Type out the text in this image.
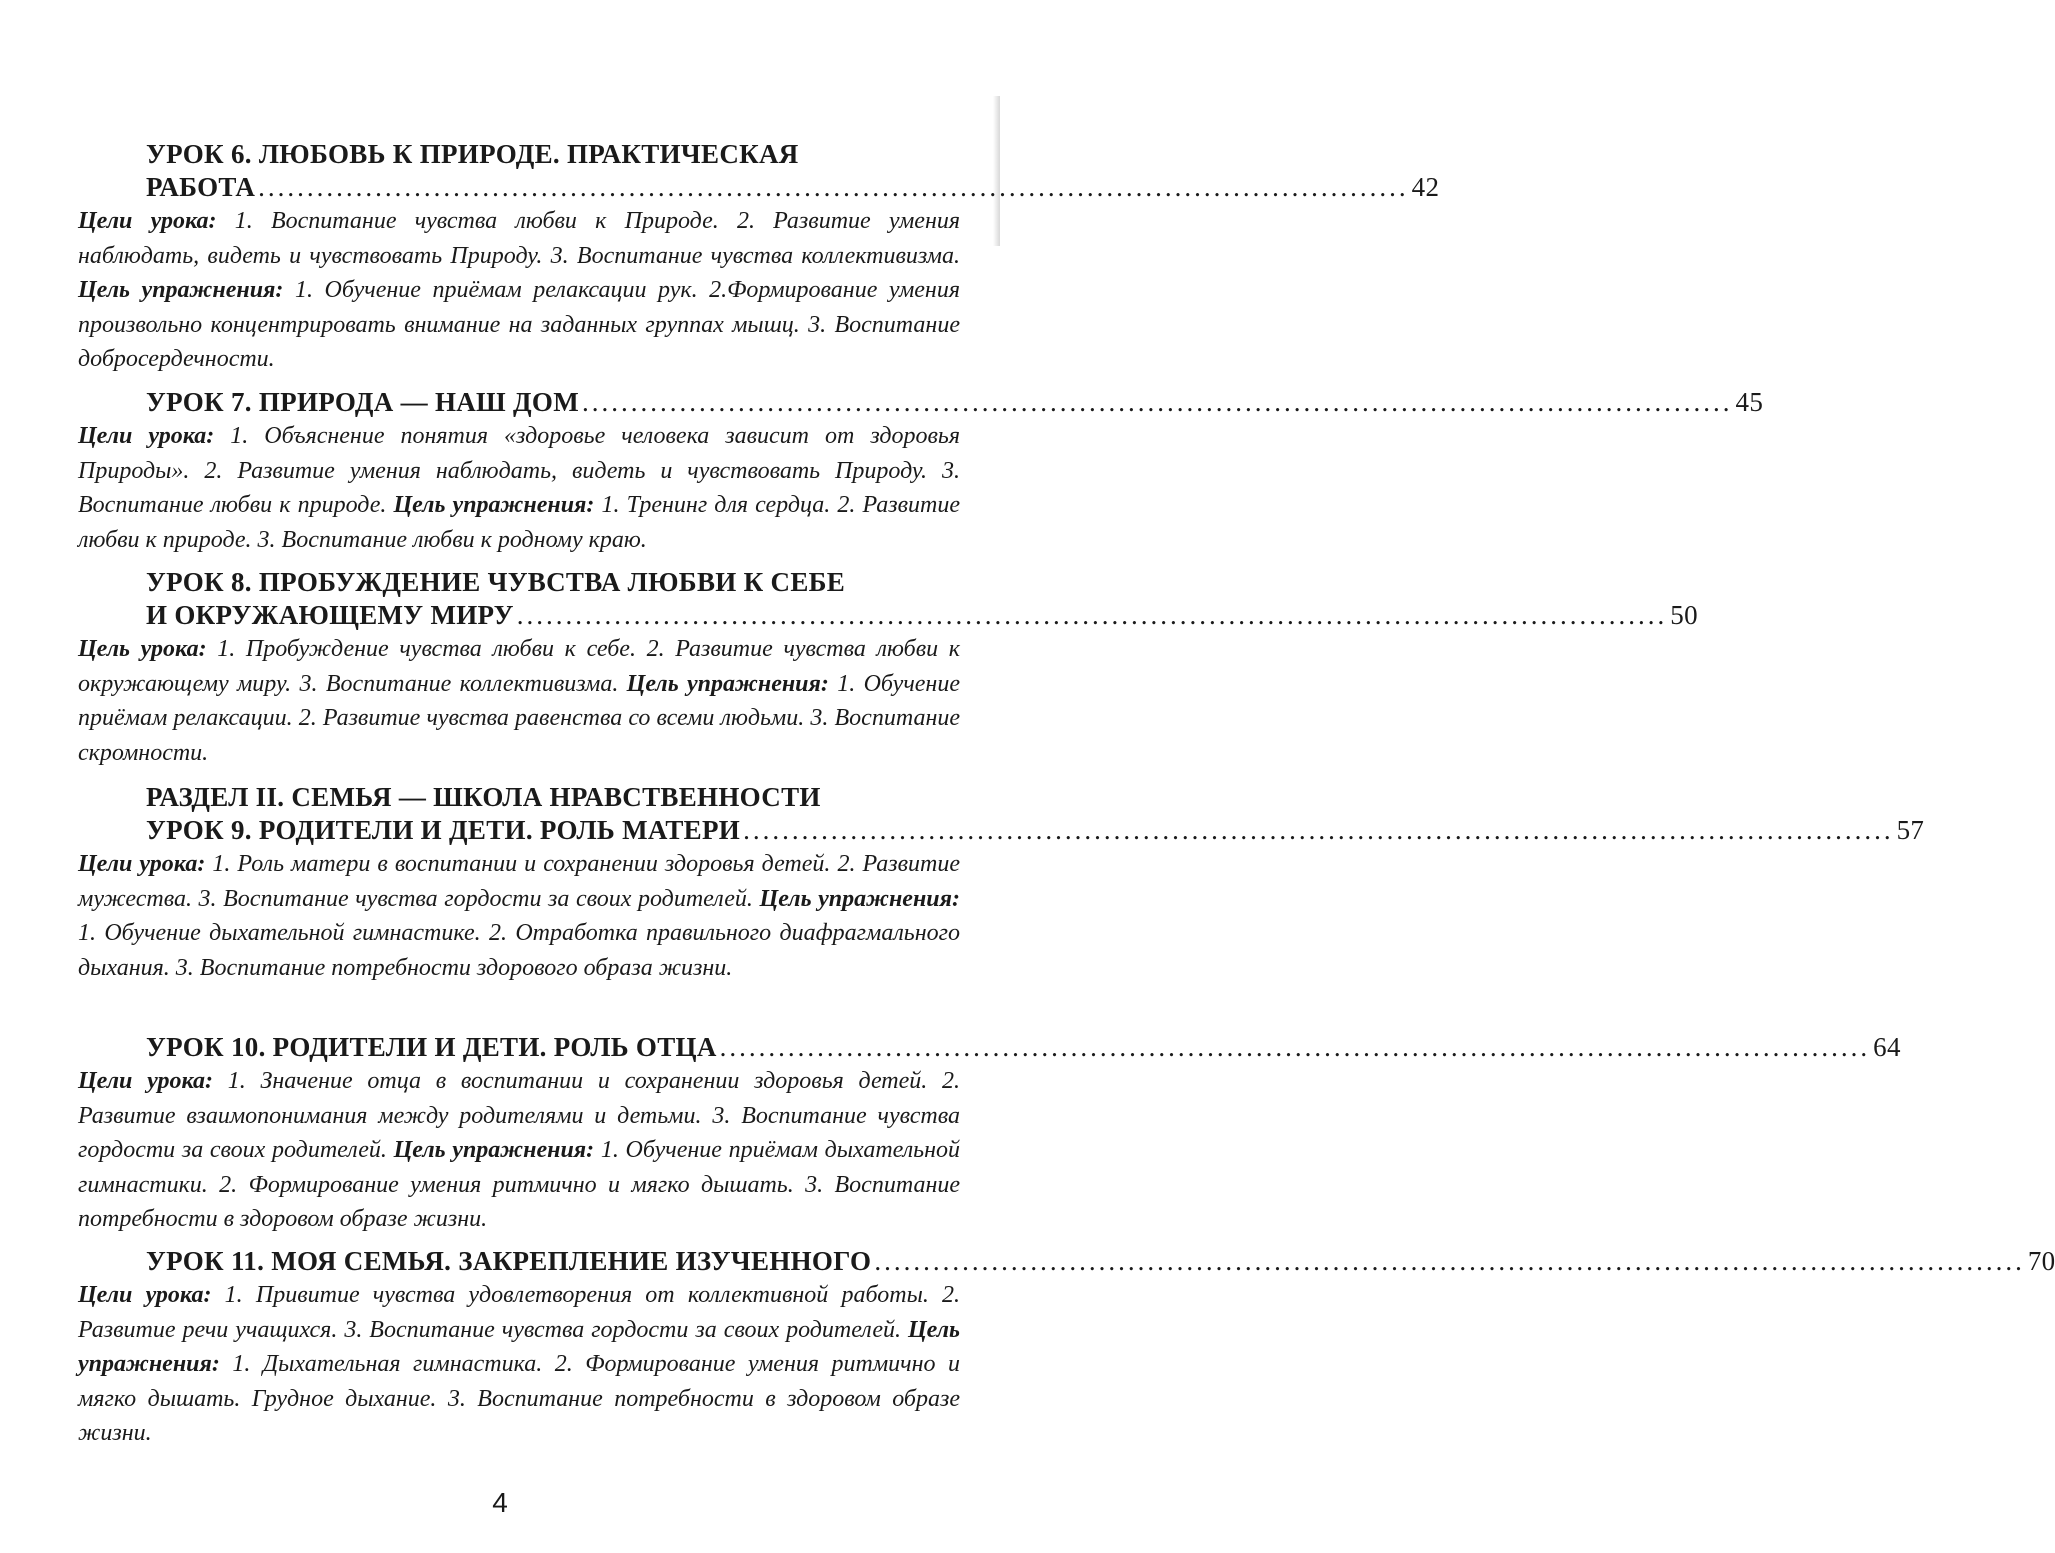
УРОК 6. ЛЮБОВЬ К ПРИРОДЕ. ПРАКТИЧЕСКАЯ
РАБОТА ...................................................................................................................... 42

Цели урока: 1. Воспитание чувства любви к Природе. 2. Развитие умения наблюдать, видеть и чувствовать Природу. 3. Воспитание чувства коллективизма. Цель упражнения: 1. Обучение приёмам релаксации рук. 2.Формирование умения произвольно концентрировать внимание на заданных группах мышц. 3. Воспитание добросердечности.

УРОК 7. ПРИРОДА — НАШ ДОМ ...................................................................................................................... 45

Цели урока: 1. Объяснение понятия «здоровье человека зависит от здоровья Природы». 2. Развитие умения наблюдать, видеть и чувствовать Природу. 3. Воспитание любви к природе. Цель упражнения: 1. Тренинг для сердца. 2. Развитие любви к природе. 3. Воспитание любви к родному краю.

УРОК 8. ПРОБУЖДЕНИЕ ЧУВСТВА ЛЮБВИ К СЕБЕ
И ОКРУЖАЮЩЕМУ МИРУ ...................................................................................................................... 50

Цель урока: 1. Пробуждение чувства любви к себе. 2. Развитие чувства любви к окружающему миру. 3. Воспитание коллективизма. Цель упражнения: 1. Обучение приёмам релаксации. 2. Развитие чувства равенства со всеми людьми. 3. Воспитание скромности.

РАЗДЕЛ II. СЕМЬЯ — ШКОЛА НРАВСТВЕННОСТИ
УРОК 9. РОДИТЕЛИ И ДЕТИ. РОЛЬ МАТЕРИ ...................................................................................................................... 57

Цели урока: 1. Роль матери в воспитании и сохранении здоровья детей. 2. Развитие мужества. 3. Воспитание чувства гордости за своих родителей. Цель упражнения: 1. Обучение дыхательной гимнастике. 2. Отработка правильного диафрагмального дыхания. 3. Воспитание потребности здорового образа жизни.

УРОК 10. РОДИТЕЛИ И ДЕТИ. РОЛЬ ОТЦА ...................................................................................................................... 64

Цели урока: 1. Значение отца в воспитании и сохранении здоровья детей. 2. Развитие взаимопонимания между родителями и детьми. 3. Воспитание чувства гордости за своих родителей. Цель упражнения: 1. Обучение приёмам дыхательной гимнастики. 2. Формирование умения ритмично и мягко дышать. 3. Воспитание потребности в здоровом образе жизни.

УРОК 11. МОЯ СЕМЬЯ. ЗАКРЕПЛЕНИЕ ИЗУЧЕННОГО ...................................................................................................................... 70

Цели урока: 1. Привитие чувства удовлетворения от коллективной работы. 2. Развитие речи учащихся. 3. Воспитание чувства гордости за своих родителей. Цель упражнения: 1. Дыхательная гимнастика. 2. Формирование умения ритмично и мягко дышать. Грудное дыхание. 3. Воспитание потребности в здоровом образе жизни.

4
